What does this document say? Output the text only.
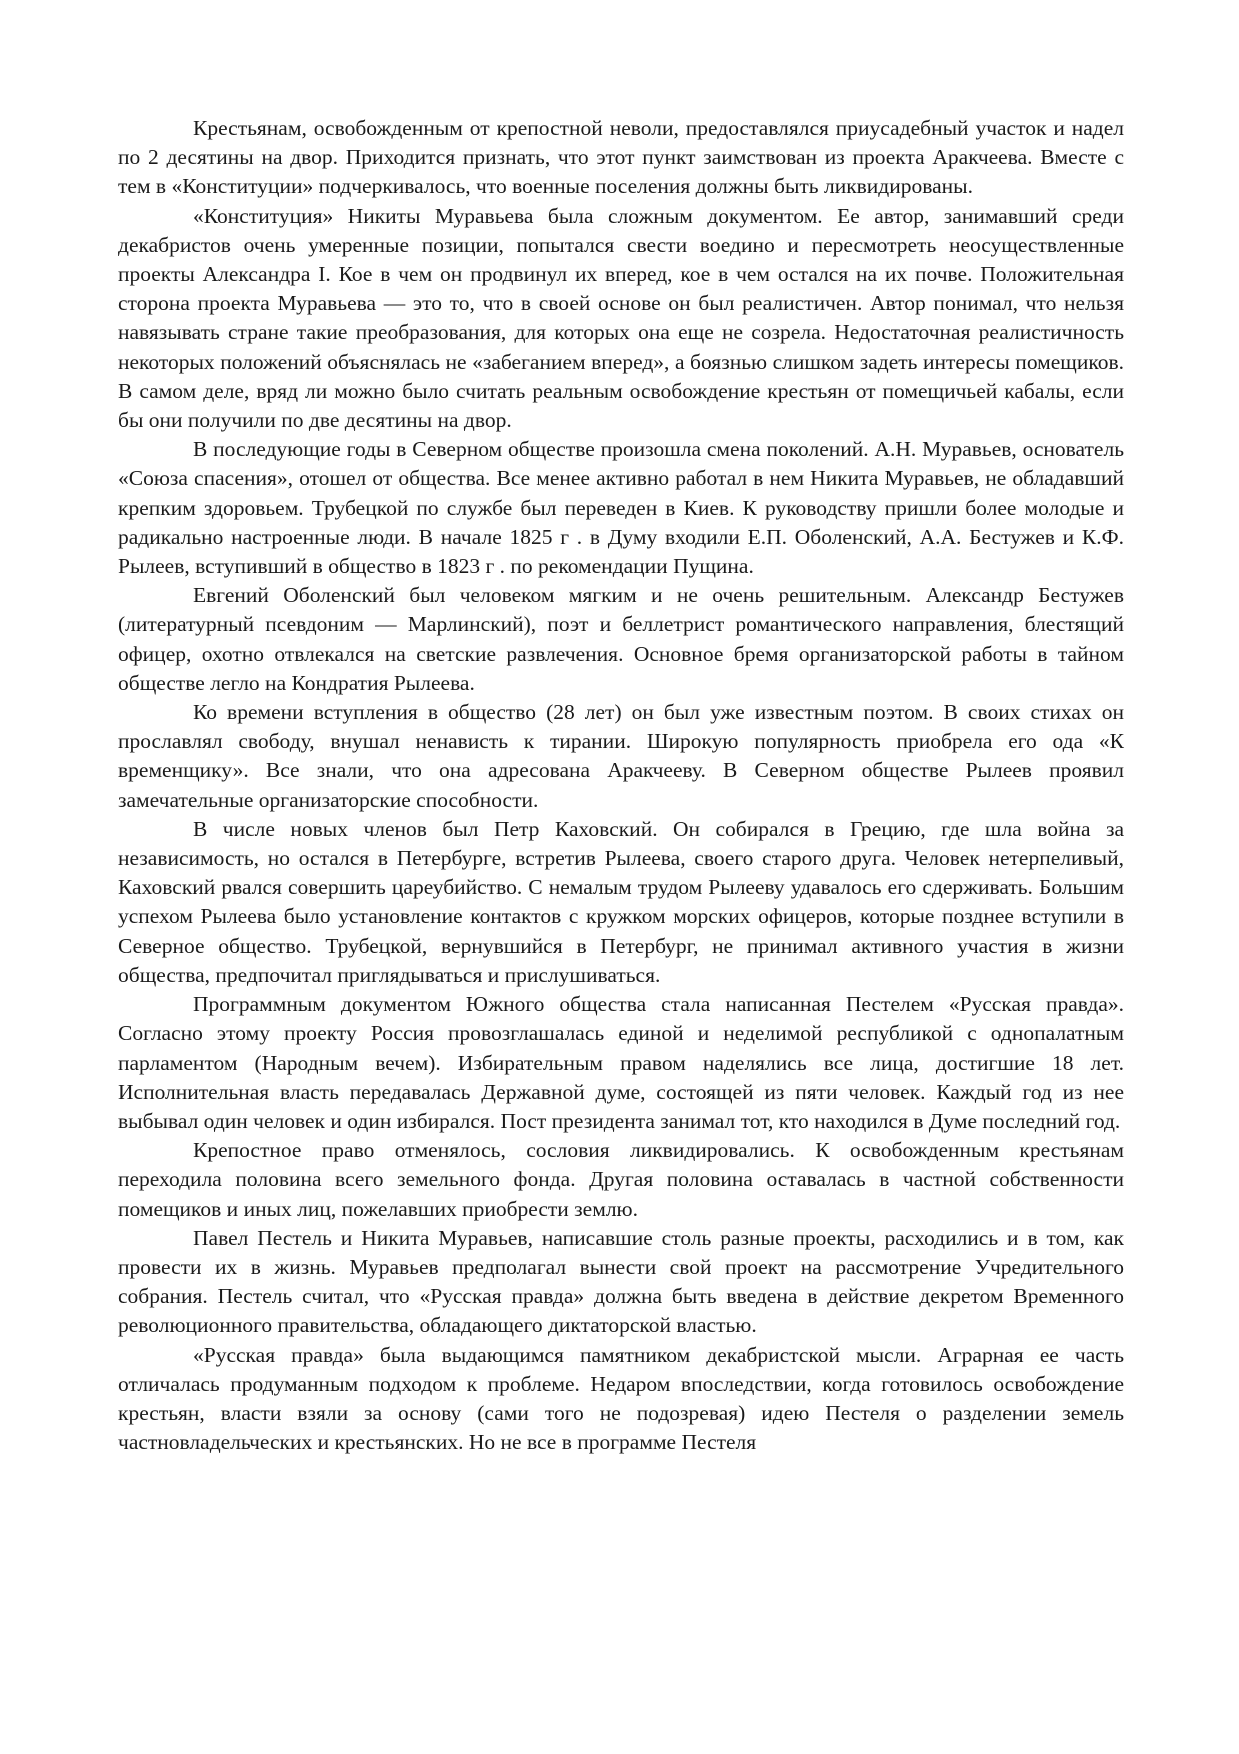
Крестьянам, освобожденным от крепостной неволи, предоставлялся приусадебный участок и надел по 2 десятины на двор. Приходится признать, что этот пункт заимствован из проекта Аракчеева. Вместе с тем в «Конституции» подчеркивалось, что военные поселения должны быть ликвидированы.

«Конституция» Никиты Муравьева была сложным документом. Ее автор, занимавший среди декабристов очень умеренные позиции, попытался свести воедино и пересмотреть неосуществленные проекты Александра I. Кое в чем он продвинул их вперед, кое в чем остался на их почве. Положительная сторона проекта Муравьева — это то, что в своей основе он был реалистичен. Автор понимал, что нельзя навязывать стране такие преобразования, для которых она еще не созрела. Недостаточная реалистичность некоторых положений объяснялась не «забеганием вперед», а боязнью слишком задеть интересы помещиков. В самом деле, вряд ли можно было считать реальным освобождение крестьян от помещичьей кабалы, если бы они получили по две десятины на двор.

В последующие годы в Северном обществе произошла смена поколений. А.Н. Муравьев, основатель «Союза спасения», отошел от общества. Все менее активно работал в нем Никита Муравьев, не обладавший крепким здоровьем. Трубецкой по службе был переведен в Киев. К руководству пришли более молодые и радикально настроенные люди. В начале 1825 г . в Думу входили Е.П. Оболенский, А.А. Бестужев и К.Ф. Рылеев, вступивший в общество в 1823 г . по рекомендации Пущина.

Евгений Оболенский был человеком мягким и не очень решительным. Александр Бестужев (литературный псевдоним — Марлинский), поэт и беллетрист романтического направления, блестящий офицер, охотно отвлекался на светские развлечения. Основное бремя организаторской работы в тайном обществе легло на Кондратия Рылеева.

Ко времени вступления в общество (28 лет) он был уже известным поэтом. В своих стихах он прославлял свободу, внушал ненависть к тирании. Широкую популярность приобрела его ода «К временщику». Все знали, что она адресована Аракчееву. В Северном обществе Рылеев проявил замечательные организаторские способности.

В числе новых членов был Петр Каховский. Он собирался в Грецию, где шла война за независимость, но остался в Петербурге, встретив Рылеева, своего старого друга. Человек нетерпеливый, Каховский рвался совершить цареубийство. С немалым трудом Рылееву удавалось его сдерживать. Большим успехом Рылеева было установление контактов с кружком морских офицеров, которые позднее вступили в Северное общество. Трубецкой, вернувшийся в Петербург, не принимал активного участия в жизни общества, предпочитал приглядываться и прислушиваться.

Программным документом Южного общества стала написанная Пестелем «Русская правда». Согласно этому проекту Россия провозглашалась единой и неделимой республикой с однопалатным парламентом (Народным вечем). Избирательным правом наделялись все лица, достигшие 18 лет. Исполнительная власть передавалась Державной думе, состоящей из пяти человек. Каждый год из нее выбывал один человек и один избирался. Пост президента занимал тот, кто находился в Думе последний год.

Крепостное право отменялось, сословия ликвидировались. К освобожденным крестьянам переходила половина всего земельного фонда. Другая половина оставалась в частной собственности помещиков и иных лиц, пожелавших приобрести землю.

Павел Пестель и Никита Муравьев, написавшие столь разные проекты, расходились и в том, как провести их в жизнь. Муравьев предполагал вынести свой проект на рассмотрение Учредительного собрания. Пестель считал, что «Русская правда» должна быть введена в действие декретом Временного революционного правительства, обладающего диктаторской властью.

«Русская правда» была выдающимся памятником декабристской мысли. Аграрная ее часть отличалась продуманным подходом к проблеме. Недаром впоследствии, когда готовилось освобождение крестьян, власти взяли за основу (сами того не подозревая) идею Пестеля о разделении земель частновладельческих и крестьянских. Но не все в программе Пестеля
